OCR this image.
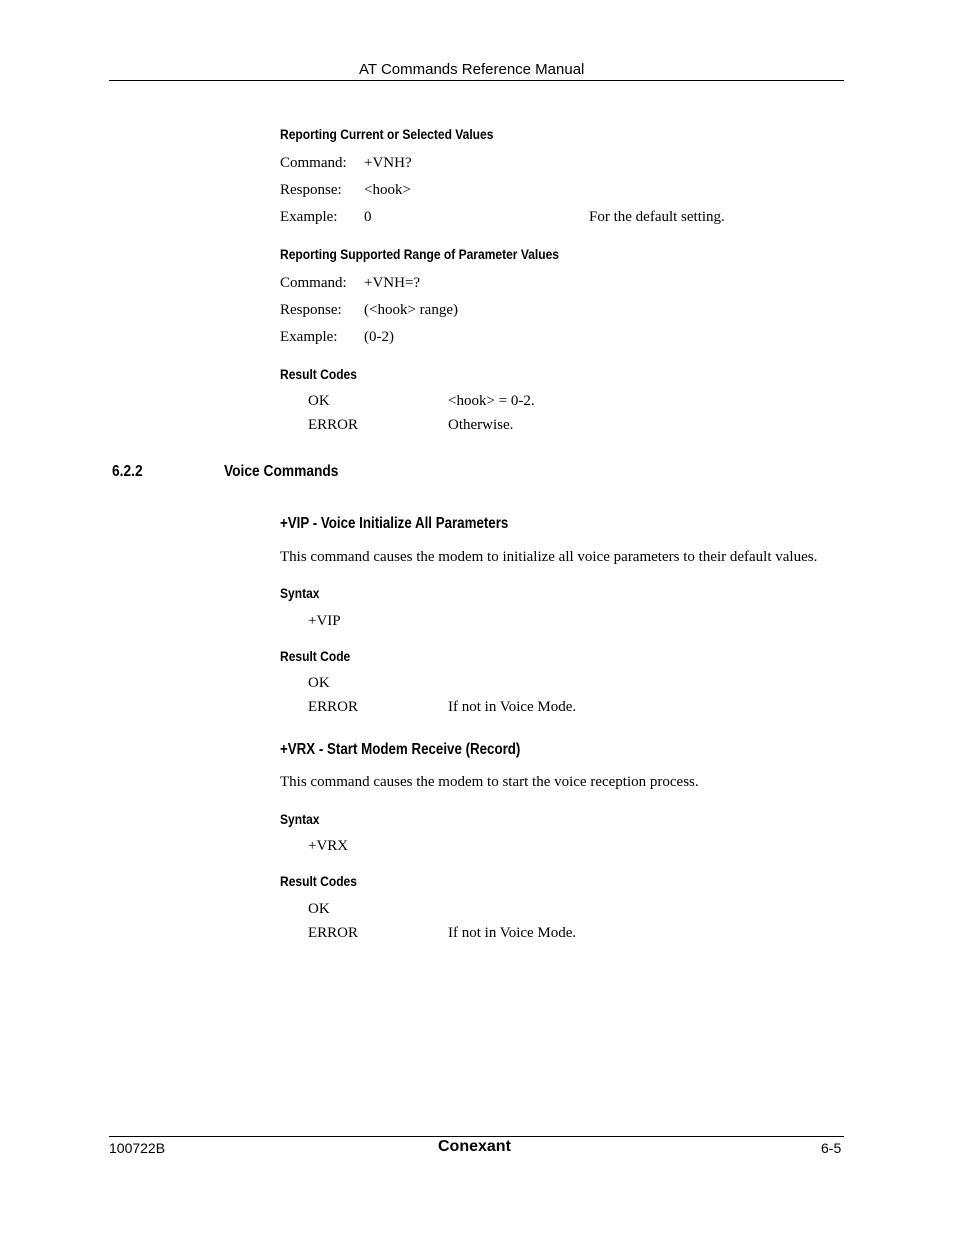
AT Commands Reference Manual
Reporting Current or Selected Values
Command: +VNH?
Response: <hook>
Example: 0	For the default setting.
Reporting Supported Range of Parameter Values
Command: +VNH=?
Response: (<hook> range)
Example: (0-2)
Result Codes
OK	<hook> = 0-2.
ERROR	Otherwise.
6.2.2	Voice Commands
+VIP - Voice Initialize All Parameters
This command causes the modem to initialize all voice parameters to their default values.
Syntax
+VIP
Result Code
OK
ERROR	If not in Voice Mode.
+VRX - Start Modem Receive (Record)
This command causes the modem to start the voice reception process.
Syntax
+VRX
Result Codes
OK
ERROR	If not in Voice Mode.
100722B	Conexant	6-5
